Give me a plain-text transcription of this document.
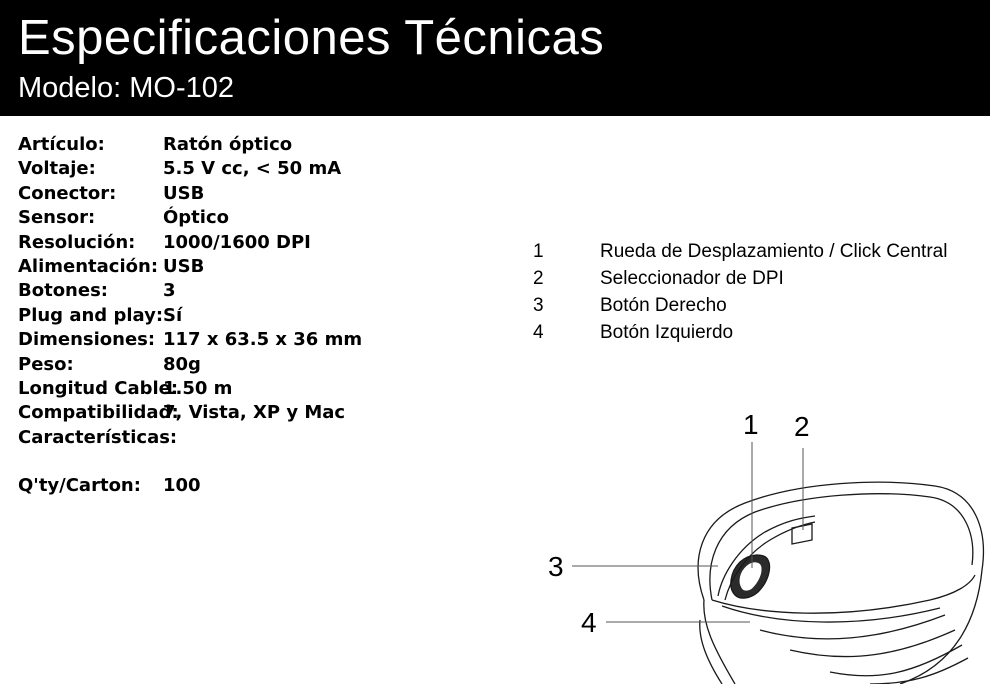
Especificaciones Técnicas
Modelo: MO-102
Artículo:	Ratón óptico
Voltaje:	5.5 V cc, < 50 mA
Conector:	USB
Sensor:	Óptico
Resolución: 1000/1600 DPI
Alimentación: USB
Botones:	3
Plug and play: Sí
Dimensiones: 117 x 63.5 x 36 mm
Peso:	80g
Longitud Cable:
1.50 m
Compatibilidad:
7, Vista, XP y Mac
Características:
Q'ty/Carton: 100
1	Rueda de Desplazamiento / Click Central
2	Seleccionador de DPI
3	Botón Derecho
4	Botón Izquierdo
1 2
3
4
